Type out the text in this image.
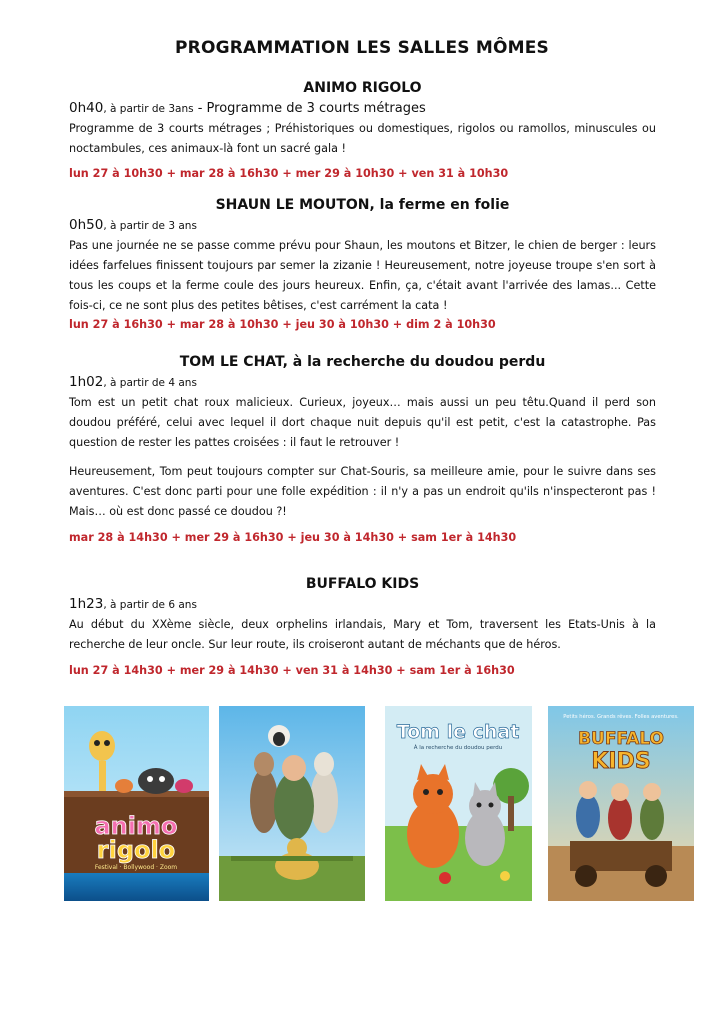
PROGRAMMATION LES SALLES MÔMES
ANIMO RIGOLO
0h40, à partir de 3ans - Programme de 3 courts métrages

Programme de 3 courts métrages ; Préhistoriques ou domestiques, rigolos ou ramollos, minuscules ou noctambules, ces animaux-là font un sacré gala !

lun 27 à 10h30 + mar 28 à 16h30 + mer 29 à 10h30 + ven 31 à 10h30
SHAUN LE MOUTON, la ferme en folie
0h50, à partir de 3 ans

Pas une journée ne se passe comme prévu pour Shaun, les moutons et Bitzer, le chien de berger : leurs idées farfelues finissent toujours par semer la zizanie ! Heureusement, notre joyeuse troupe s'en sort à tous les coups et la ferme coule des jours heureux. Enfin, ça, c'était avant l'arrivée des lamas... Cette fois-ci, ce ne sont plus des petites bêtises, c'est carrément la cata !

lun 27 à 16h30 + mar 28 à 10h30 + jeu 30 à 10h30 + dim 2 à 10h30
TOM LE CHAT, à la recherche du doudou perdu
1h02, à partir de 4 ans

Tom est un petit chat roux malicieux. Curieux, joyeux… mais aussi un peu têtu.Quand il perd son doudou préféré, celui avec lequel il dort chaque nuit depuis qu'il est petit, c'est la catastrophe. Pas question de rester les pattes croisées : il faut le retrouver !

Heureusement, Tom peut toujours compter sur Chat-Souris, sa meilleure amie, pour le suivre dans ses aventures. C'est donc parti pour une folle expédition : il n'y a pas un endroit qu'ils n'inspecteront pas ! Mais… où est donc passé ce doudou ?!

mar 28 à 14h30 + mer 29 à 16h30 + jeu 30 à 14h30 + sam 1er à 14h30
BUFFALO KIDS
1h23, à partir de 6 ans

Au début du XXème siècle, deux orphelins irlandais, Mary et Tom, traversent les Etats-Unis à la recherche de leur oncle. Sur leur route, ils croiseront autant de méchants que de héros.

lun 27 à 14h30 + mer 29 à 14h30 + ven 31 à 14h30 + sam 1er à 16h30
animo
rigolo
Festival · Bollywood · Zoom
Tom le chat
À la recherche du doudou perdu
Petits héros. Grands rêves. Folles aventures.
BUFFALO
KIDS
